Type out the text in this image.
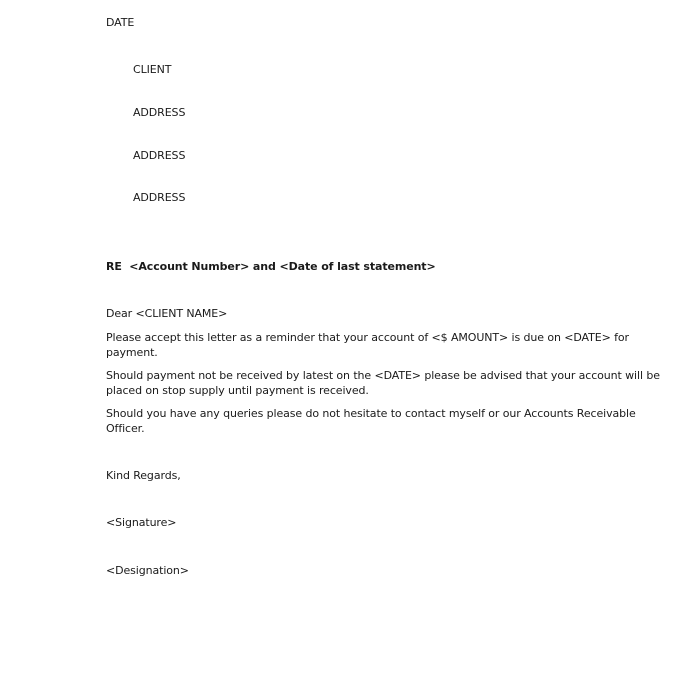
DATE
CLIENT
ADDRESS
ADDRESS
ADDRESS
RE  <Account Number> and <Date of last statement>
Dear <CLIENT NAME>
Please accept this letter as a reminder that your account of <$ AMOUNT> is due on <DATE> for
payment.
Should payment not be received by latest on the <DATE> please be advised that your account will be
placed on stop supply until payment is received.
Should you have any queries please do not hesitate to contact myself or our Accounts Receivable
Officer.
Kind Regards,
<Signature>
<Designation>
